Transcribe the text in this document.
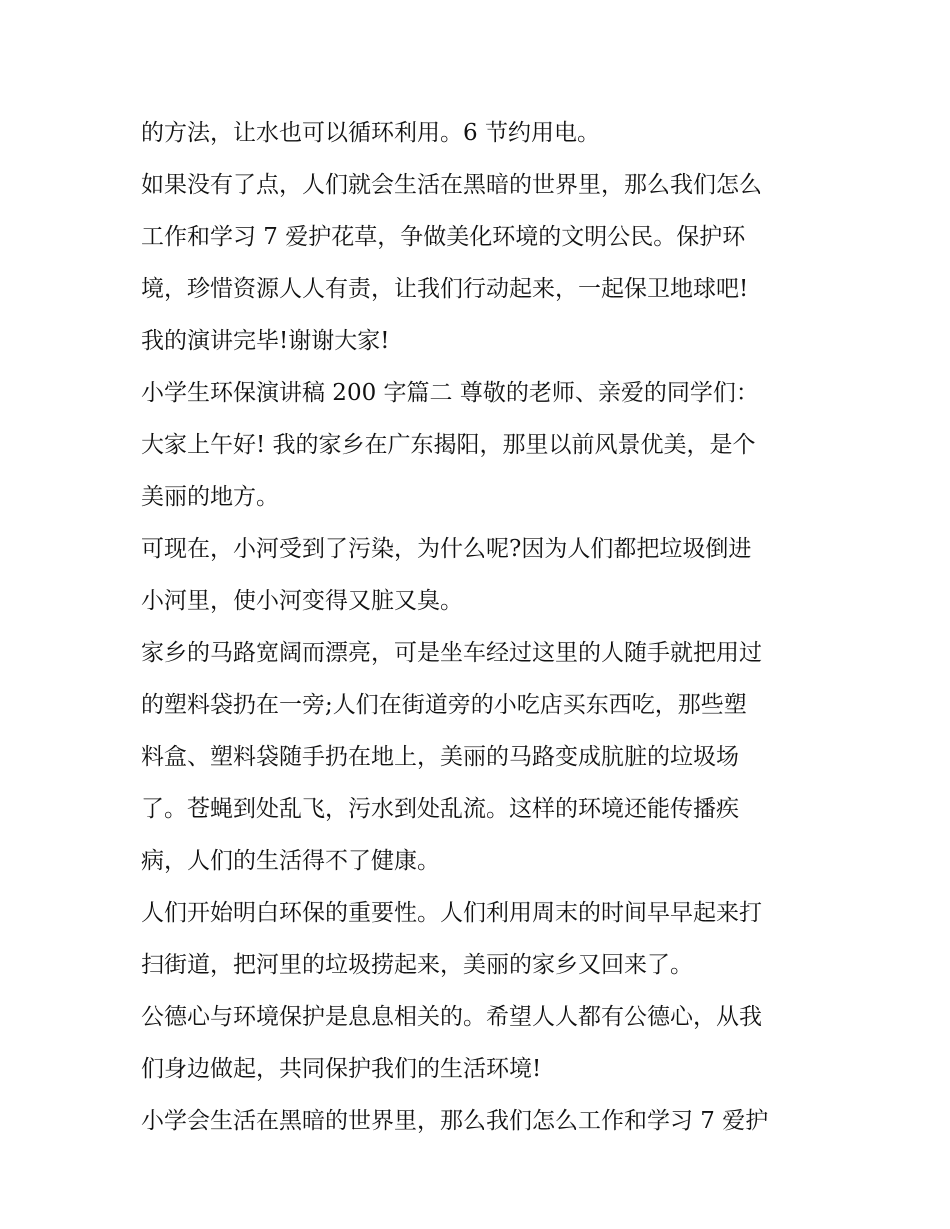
的方法，让水也可以循环利用。6 节约用电。
如果没有了点，人们就会生活在黑暗的世界里，那么我们怎么
工作和学习 7 爱护花草，争做美化环境的文明公民。保护环
境，珍惜资源人人有责，让我们行动起来，一起保卫地球吧!
我的演讲完毕!谢谢大家!
小学生环保演讲稿 200 字篇二 尊敬的老师、亲爱的同学们：
大家上午好! 我的家乡在广东揭阳，那里以前风景优美，是个
美丽的地方。
可现在，小河受到了污染，为什么呢?因为人们都把垃圾倒进
小河里，使小河变得又脏又臭。
家乡的马路宽阔而漂亮，可是坐车经过这里的人随手就把用过
的塑料袋扔在一旁;人们在街道旁的小吃店买东西吃，那些塑
料盒、塑料袋随手扔在地上，美丽的马路变成肮脏的垃圾场
了。苍蝇到处乱飞，污水到处乱流。这样的环境还能传播疾
病，人们的生活得不了健康。
人们开始明白环保的重要性。人们利用周末的时间早早起来打
扫街道，把河里的垃圾捞起来，美丽的家乡又回来了。
公德心与环境保护是息息相关的。希望人人都有公德心，从我
们身边做起，共同保护我们的生活环境!
小学会生活在黑暗的世界里，那么我们怎么工作和学习 7 爱护
